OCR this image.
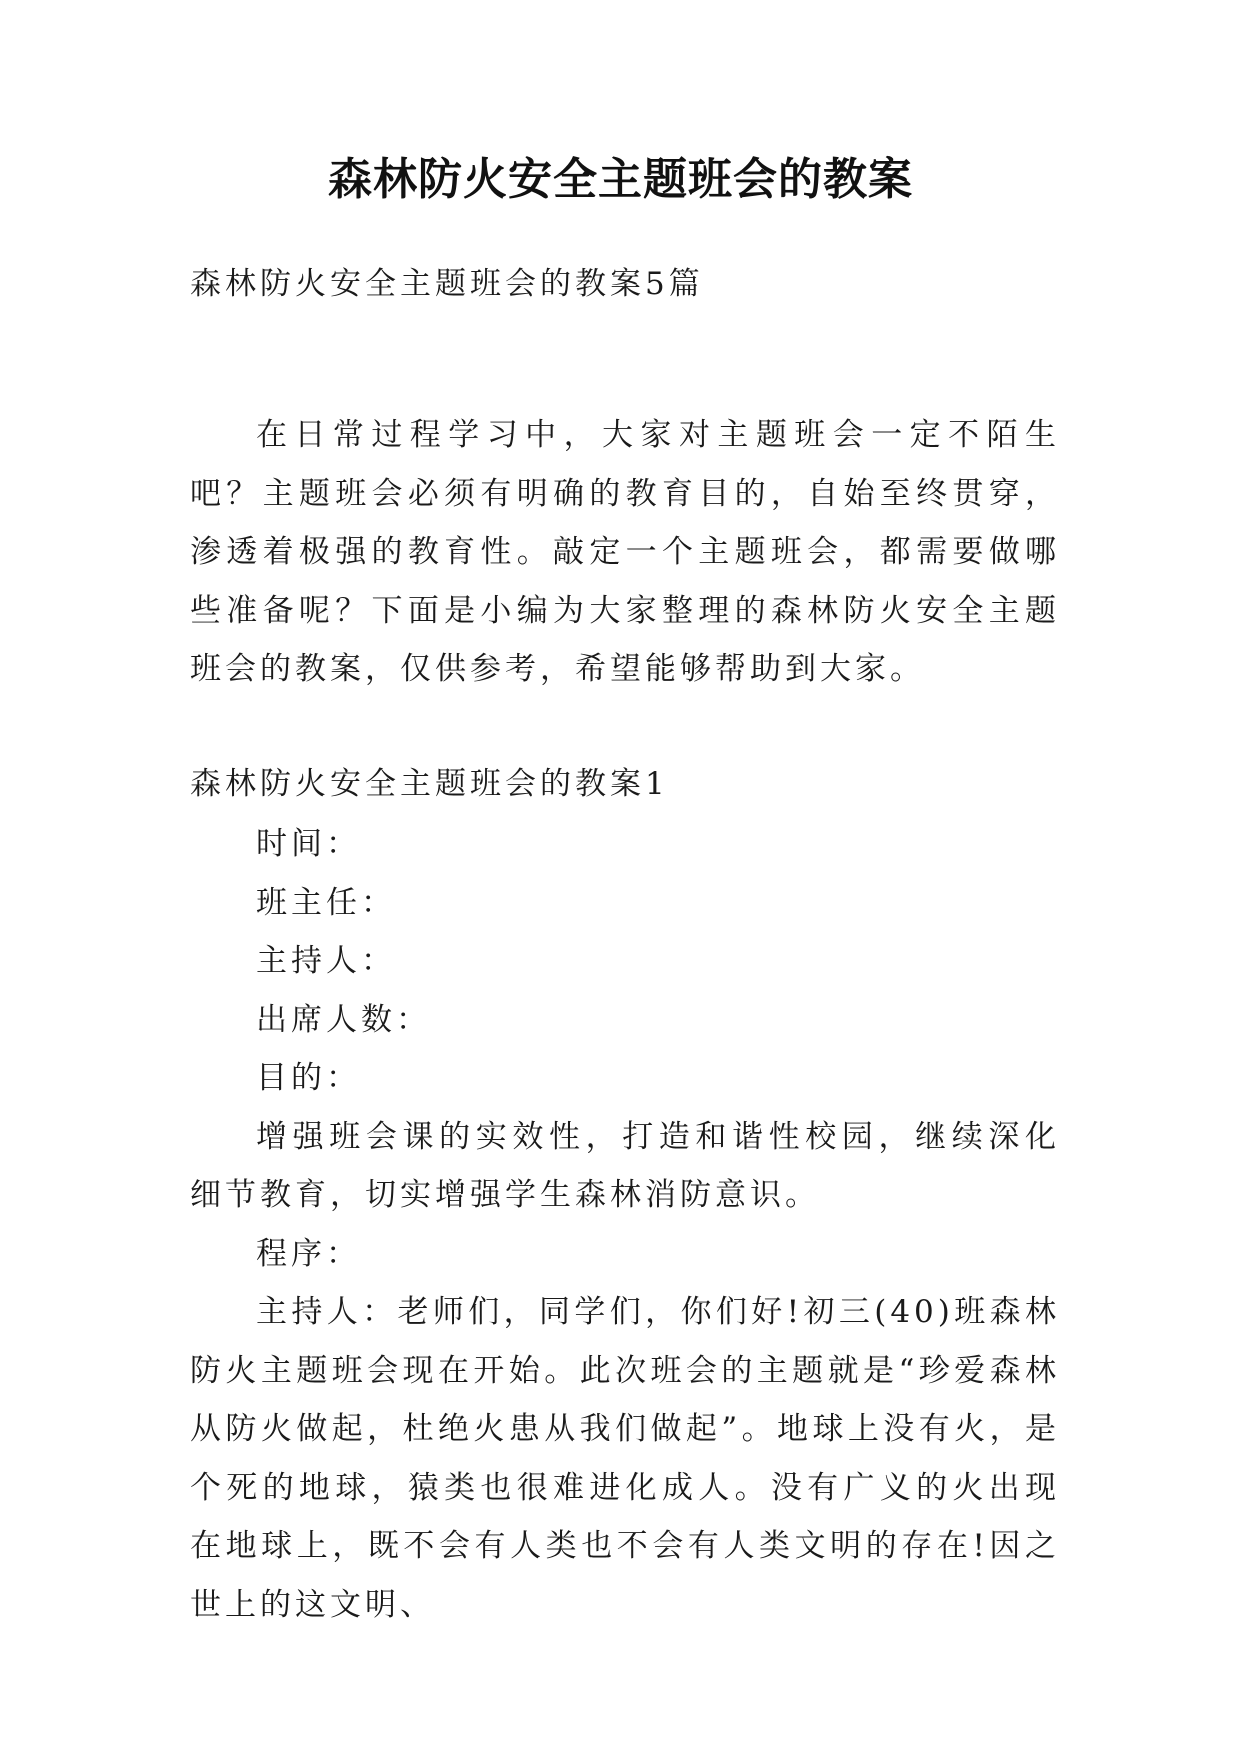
森林防火安全主题班会的教案
森林防火安全主题班会的教案5篇

在日常过程学习中，大家对主题班会一定不陌生吧？主题班会必须有明确的教育目的，自始至终贯穿，渗透着极强的教育性。敲定一个主题班会，都需要做哪些准备呢？下面是小编为大家整理的森林防火安全主题班会的教案，仅供参考，希望能够帮助到大家。

森林防火安全主题班会的教案1

时间：

班主任：

主持人：

出席人数：

目的：

增强班会课的实效性，打造和谐性校园，继续深化细节教育，切实增强学生森林消防意识。

程序：

主持人：老师们，同学们，你们好!初三(40)班森林防火主题班会现在开始。此次班会的主题就是“珍爱森林从防火做起，杜绝火患从我们做起”。地球上没有火，是个死的地球，猿类也很难进化成人。没有广义的火出现在地球上，既不会有人类也不会有人类文明的存在!因之世上的这文明、
